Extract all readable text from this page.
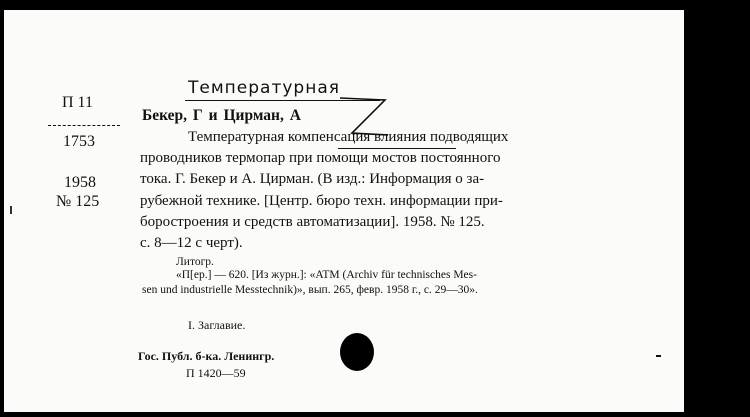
П 11
1753
1958
№ 125
Температурная
Бекер, Г и Цирман, А
Температурная компенсация влияния подводящих
проводников термопар при помощи мостов постоянного
тока. Г. Бекер и А. Цирман. (В изд.: Информация о за-
рубежной технике. [Центр. бюро техн. информации при-
боростроения и средств автоматизации]. 1958. № 125.
с. 8—12 с черт).
Литогр.
«П[ер.] — 620. [Из журн.]: «ATM (Archiv für technisches Mes-
sen und industrielle Messtechnik)», вып. 265, февр. 1958 г., с. 29—30».
I. Заглавие.
Гос. Публ. б-ка. Ленингр.
П 1420—59
